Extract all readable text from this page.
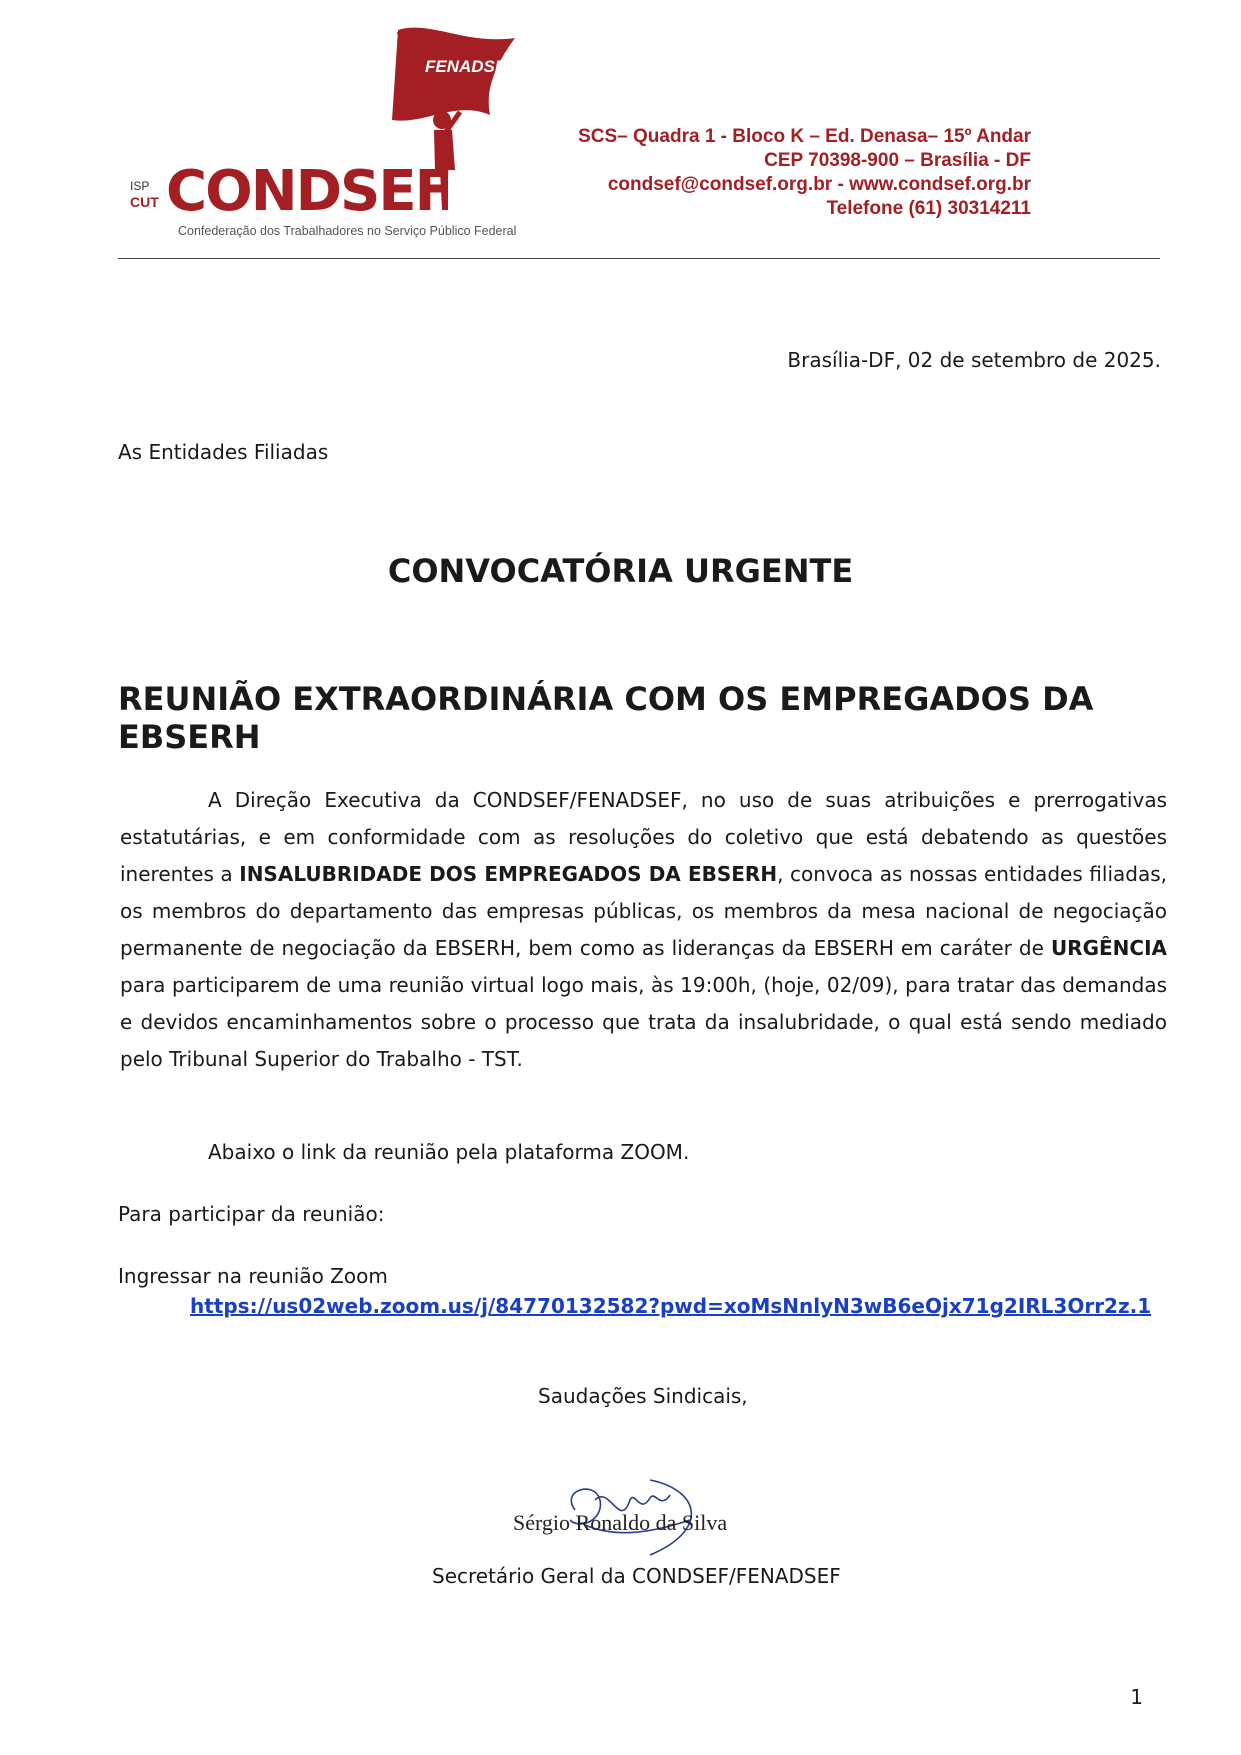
FENADSEF
ISP
CUT CONDSEF
Confederação dos Trabalhadores no Serviço Público Federal
SCS– Quadra 1 - Bloco K – Ed. Denasa– 15º Andar
CEP 70398-900 – Brasília - DF
condsef@condsef.org.br - www.condsef.org.br
Telefone (61) 30314211
Brasília-DF, 02 de setembro de 2025.
As Entidades Filiadas
CONVOCATÓRIA URGENTE
REUNIÃO EXTRAORDINÁRIA COM OS EMPREGADOS DA EBSERH
A Direção Executiva da CONDSEF/FENADSEF, no uso de suas atribuições e prerrogativas estatutárias, e em conformidade com as resoluções do coletivo que está debatendo as questões inerentes a INSALUBRIDADE DOS EMPREGADOS DA EBSERH, convoca as nossas entidades filiadas, os membros do departamento das empresas públicas, os membros da mesa nacional de negociação permanente de negociação da EBSERH, bem como as lideranças da EBSERH em caráter de URGÊNCIA para participarem de uma reunião virtual logo mais, às 19:00h, (hoje, 02/09), para tratar das demandas e devidos encaminhamentos sobre o processo que trata da insalubridade, o qual está sendo mediado pelo Tribunal Superior do Trabalho - TST.
Abaixo o link da reunião pela plataforma ZOOM.
Para participar da reunião:
Ingressar na reunião Zoom
https://us02web.zoom.us/j/84770132582?pwd=xoMsNnlyN3wB6eOjx71g2IRL3Orr2z.1
Saudações Sindicais,
Sérgio Ronaldo da Silva
Secretário Geral da CONDSEF/FENADSEF
1
